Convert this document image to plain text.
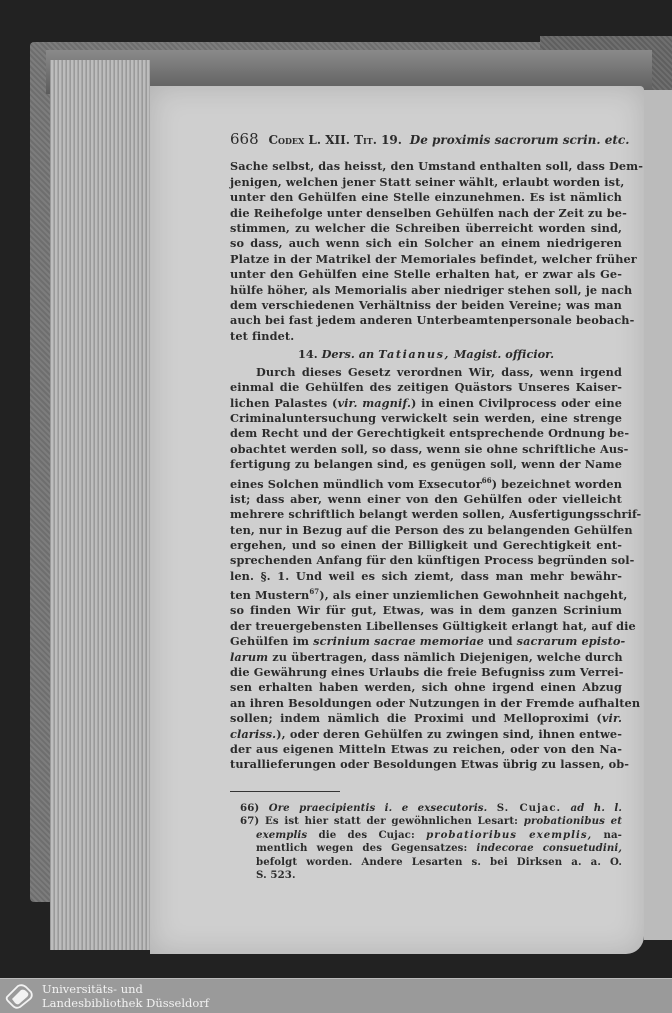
668 Codex L. XII. Tit. 19. De proximis sacrorum scrin. etc.
Sache selbst, das heisst, den Umstand enthalten soll, dass Dem-
jenigen, welchen jener Statt seiner wählt, erlaubt worden ist,
unter den Gehülfen eine Stelle einzunehmen. Es ist nämlich
die Reihefolge unter denselben Gehülfen nach der Zeit zu be-
stimmen, zu welcher die Schreiben überreicht worden sind,
so dass, auch wenn sich ein Solcher an einem niedrigeren
Platze in der Matrikel der Memoriales befindet, welcher früher
unter den Gehülfen eine Stelle erhalten hat, er zwar als Ge-
hülfe höher, als Memorialis aber niedriger stehen soll, je nach
dem verschiedenen Verhältniss der beiden Vereine; was man
auch bei fast jedem anderen Unterbeamtenpersonale beobach-
tet findet.
14. Ders. an Tatianus, Magist. officior.
Durch dieses Gesetz verordnen Wir, dass, wenn irgend
einmal die Gehülfen des zeitigen Quästors Unseres Kaiser-
lichen Palastes (vir. magnif.) in einen Civilprocess oder eine
Criminaluntersuchung verwickelt sein werden, eine strenge
dem Recht und der Gerechtigkeit entsprechende Ordnung be-
obachtet werden soll, so dass, wenn sie ohne schriftliche Aus-
fertigung zu belangen sind, es genügen soll, wenn der Name
eines Solchen mündlich vom Exsecutor$^{66}$) bezeichnet worden
ist; dass aber, wenn einer von den Gehülfen oder vielleicht
mehrere schriftlich belangt werden sollen, Ausfertigungsschrif-
ten, nur in Bezug auf die Person des zu belangenden Gehülfen
ergehen, und so einen der Billigkeit und Gerechtigkeit ent-
sprechenden Anfang für den künftigen Process begründen sol-
len. §. 1. Und weil es sich ziemt, dass man mehr bewähr-
ten Mustern$^{67}$), als einer unziemlichen Gewohnheit nachgeht,
so finden Wir für gut, Etwas, was in dem ganzen Scrinium
der treuergebensten Libellenses Gültigkeit erlangt hat, auf die
Gehülfen im scrinium sacrae memoriae und sacrarum episto-
larum zu übertragen, dass nämlich Diejenigen, welche durch
die Gewährung eines Urlaubs die freie Befugniss zum Verrei-
sen erhalten haben werden, sich ohne irgend einen Abzug
an ihren Besoldungen oder Nutzungen in der Fremde aufhalten
sollen; indem nämlich die Proximi und Melloproximi (vir.
clariss.), oder deren Gehülfen zu zwingen sind, ihnen entwe-
der aus eigenen Mitteln Etwas zu reichen, oder von den Na-
turallieferungen oder Besoldungen Etwas übrig zu lassen, ob-
66) Ore praecipientis i. e exsecutoris. S. Cujac. ad h. l.
67) Es ist hier statt der gewöhnlichen Lesart: probationibus et
exemplis die des Cujac: probatioribus exemplis, na-
mentlich wegen des Gegensatzes: indecorae consuetudini,
befolgt worden. Andere Lesarten s. bei Dirksen a. a. O.
S. 523.
Universitäts- und
Landesbibliothek Düsseldorf
